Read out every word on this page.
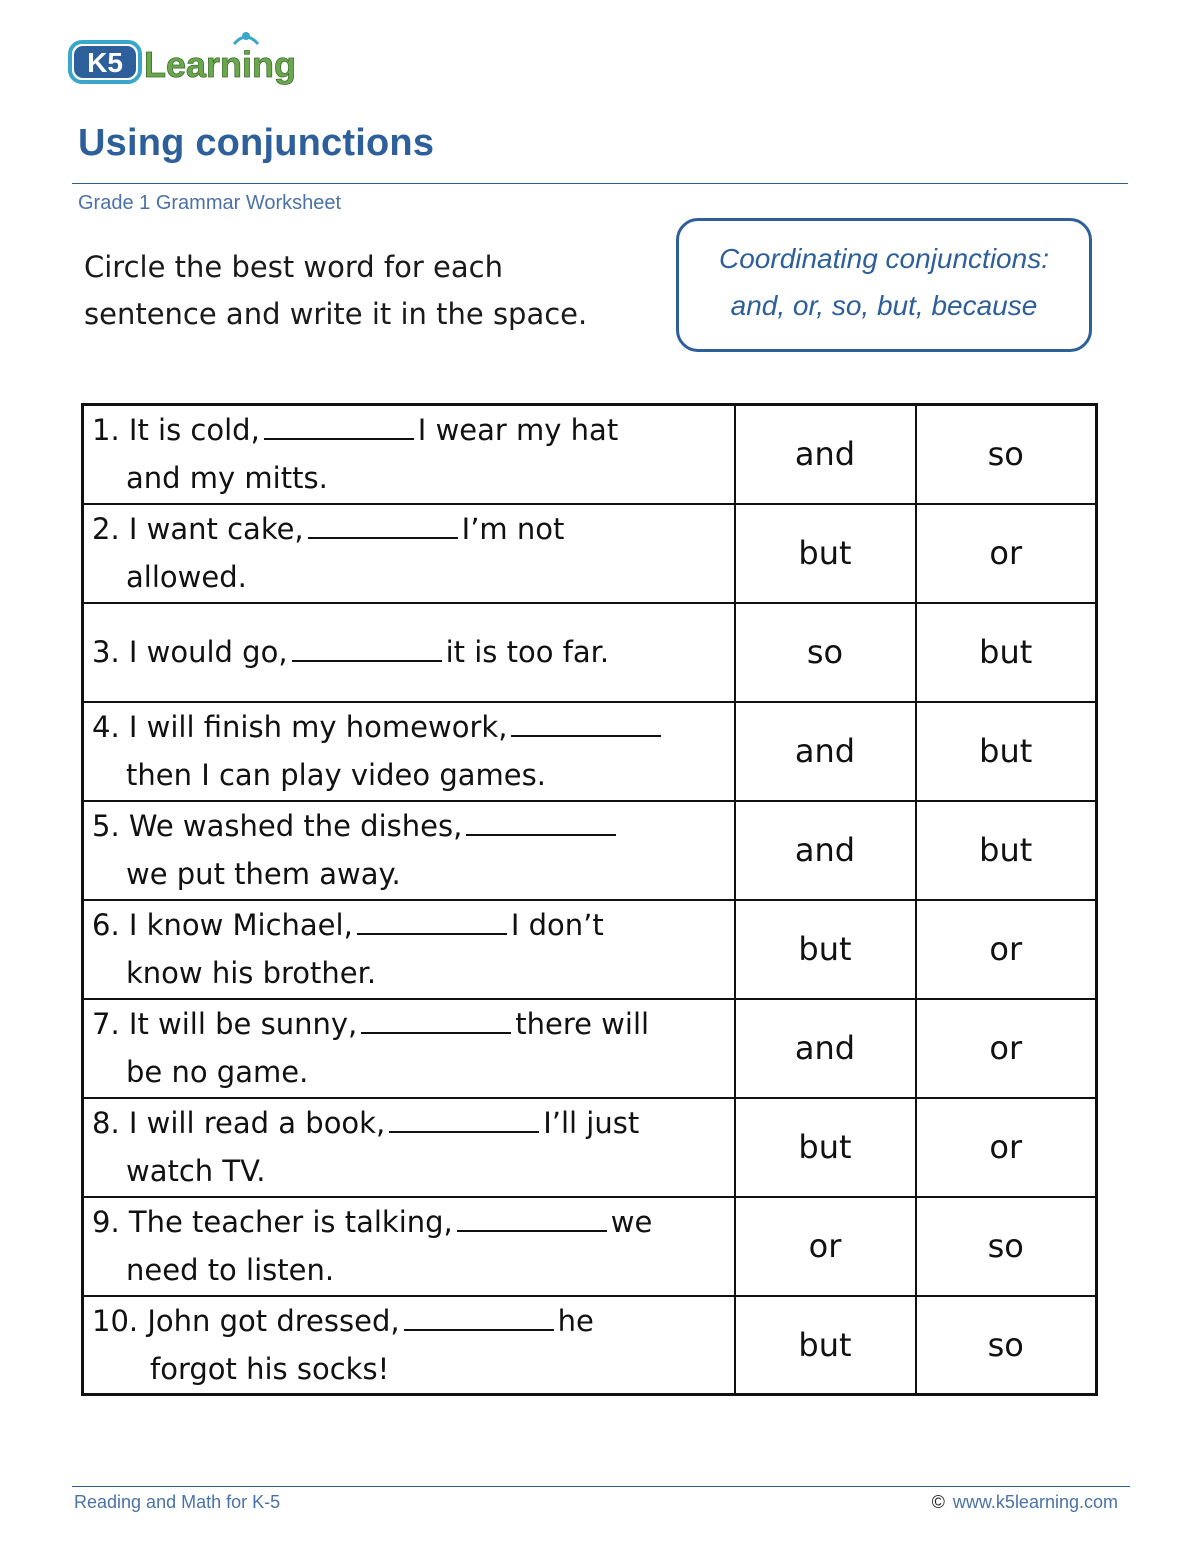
K5 Learning
Using conjunctions
Grade 1 Grammar Worksheet
Circle the best word for each
sentence and write it in the space.
Coordinating conjunctions:
and, or, so, but, because
1. It is cold, I wear my hat
and my mitts.	and	so

2. I want cake, I’m not
allowed.	but	or

3. I would go, it is too far.	so	but

4. I will finish my homework,
then I can play video games.	and	but

5. We washed the dishes,
we put them away.	and	but

6. I know Michael, I don’t
know his brother.	but	or

7. It will be sunny, there will
be no game.	and	or

8. I will read a book, I’ll just
watch TV.	but	or

9. The teacher is talking, we
need to listen.	or	so

10. John got dressed, he
forgot his socks!	but	so
Reading and Math for K-5	© www.k5learning.com
